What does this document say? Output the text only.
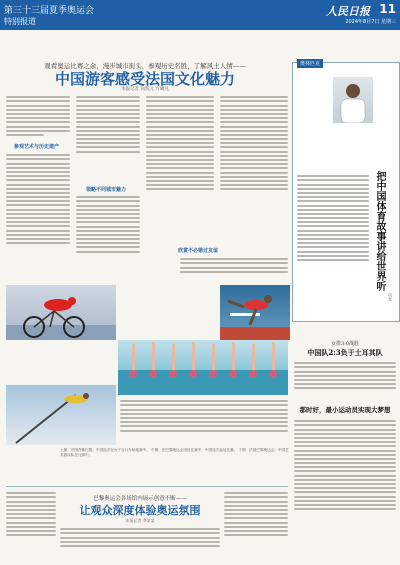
第三十三届夏季奥运会
特别报道
人民日报 11
2024年8月7日 星期三
观看奥运比赛之余，漫步城市街头，参观历史名胜，了解风土人情——
中国游客感受法国文化魅力
本报记者 尚凯元 方曦凡
参观艺术与历史遗产
领略不同城市魅力
欣赏不必错过友谊
上图：法国首都巴黎，中国选手在女子自行车场地赛中。 中图：在巴黎奥运会田径比赛中，中国选手参加比赛。 下图：法国巴黎奥运会，中国艺术游泳队在比赛中。
奥林匹克
把中国体育故事讲给世界听
巩育
女排3:0战胜
中国队2:3负于土耳其队
那时好，最小运动员实现大梦想
巴黎奥运会各场馆内展示创意不断——
让观众深度体验奥运氛围
本报记者 李某某
